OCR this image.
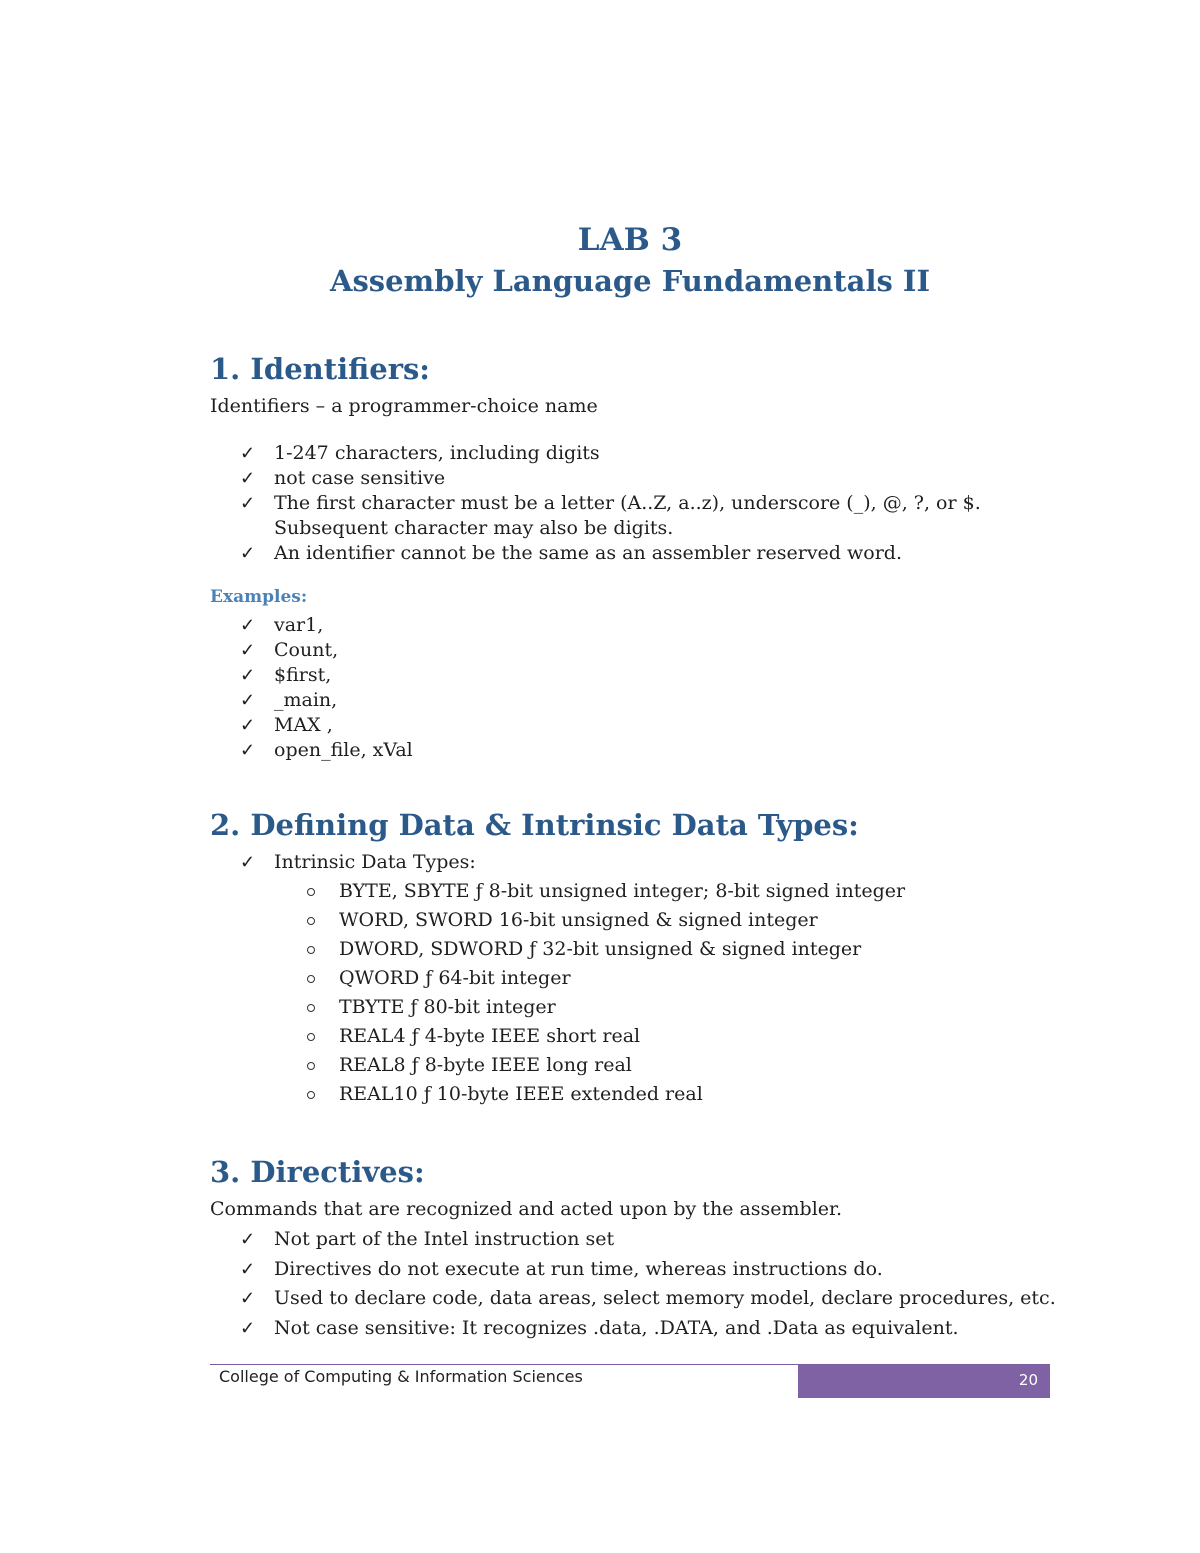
LAB 3
Assembly Language Fundamentals II
1. Identifiers:

Identifiers – a programmer-choice name

✓ 1-247 characters, including digits
✓ not case sensitive
✓ The first character must be a letter (A..Z, a..z), underscore (_), @, ?, or $. Subsequent character may also be digits.
✓ An identifier cannot be the same as an assembler reserved word.
Examples:
✓ var1,
✓ Count,
✓ $first,
✓ _main,
✓ MAX ,
✓ open_file, xVal
2. Defining Data & Intrinsic Data Types:
✓ Intrinsic Data Types:
BYTE, SBYTE ƒ 8-bit unsigned integer; 8-bit signed integer
WORD, SWORD 16-bit unsigned & signed integer
DWORD, SDWORD ƒ 32-bit unsigned & signed integer
QWORD ƒ 64-bit integer
TBYTE ƒ 80-bit integer
REAL4 ƒ 4-byte IEEE short real
REAL8 ƒ 8-byte IEEE long real
REAL10 ƒ 10-byte IEEE extended real
3. Directives:

Commands that are recognized and acted upon by the assembler.

✓ Not part of the Intel instruction set
✓ Directives do not execute at run time, whereas instructions do.
✓ Used to declare code, data areas, select memory model, declare procedures, etc.
✓ Not case sensitive: It recognizes .data, .DATA, and .Data as equivalent.
College of Computing & Information Sciences	20
